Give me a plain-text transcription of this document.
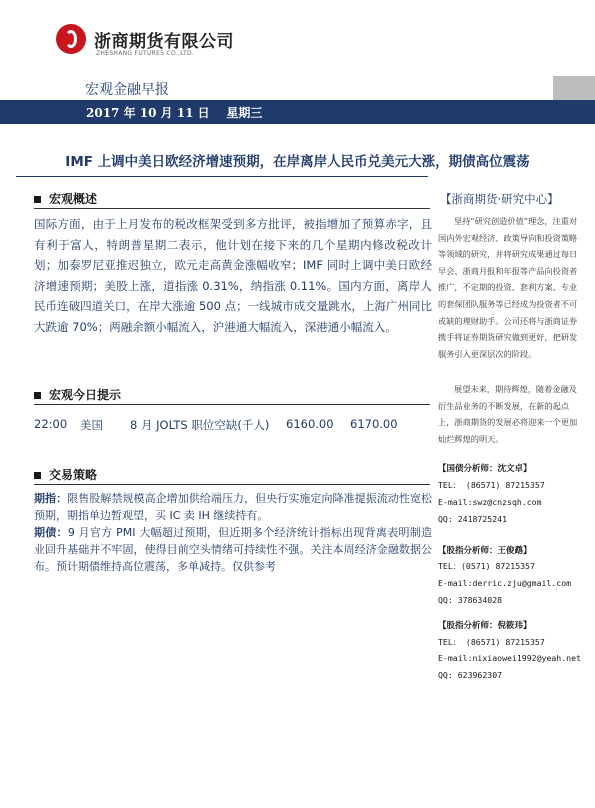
浙商期货有限公司
ZHESHANG FUTURES CO.,LTD.
宏观金融早报
2017 年 10 月 11 日    星期三
IMF 上调中美日欧经济增速预期，在岸离岸人民币兑美元大涨，期债高位震荡
宏观概述
国际方面，由于上月发布的税改框架受到多方批评，被指增加了预算赤字，且有利于富人，特朗普星期二表示，他计划在接下来的几个星期内修改税改计划；加泰罗尼亚推迟独立，欧元走高黄金涨幅收窄；IMF 同时上调中美日欧经济增速预期；美股上涨，道指涨 0.31%，纳指涨 0.11%。国内方面，离岸人民币连破四道关口，在岸大涨逾 500 点；一线城市成交量跳水，上海广州同比大跌逾 70%；两融余额小幅流入，沪港通大幅流入，深港通小幅流入。
宏观今日提示
22:00 美国 8 月 JOLTS 职位空缺(千人) 6160.00 6170.00
交易策略
期指：限售股解禁规模高企增加供给端压力，但央行实施定向降准提振流动性宽松预期，期指单边暂观望，买 IC 卖 IH 继续持有。
期债：9 月官方 PMI 大幅超过预期，但近期多个经济统计指标出现背离表明制造业回升基础并不牢固，使得目前空头情绪可持续性不强。关注本周经济金融数据公布。预计期债维持高位震荡，多单减持。仅供参考
【浙商期货·研究中心】
坚持“研究创造价值”理念，注重对国内外宏观经济、政策导向和投资策略等领域的研究，并将研究成果通过每日早会、浙商月报和年报等产品向投资者推广，不定期的投资、套利方案、专业的套保团队服务等已经成为投资者不可或缺的理财助手。公司还将与浙商证券携手将证券期货研究做到更好，把研发服务引入更深层次的阶段。
展望未来，期待辉煌，随着金融及衍生品业务的不断发展，在新的起点上，浙商期货的发展必将迎来一个更加灿烂辉煌的明天。
【国债分析师：沈文卓】
TEL： (86571) 87215357
E-mail:swz@cnzsqh.com
QQ: 2418725241
【股指分析师：王俊鹉】
TEL：(0571) 87215357
E-mail:derric.zju@gmail.com
QQ: 378634028
【股指分析师：倪筱玮】
TEL： (86571) 87215357
E-mail:nixiaowei1992@yeah.net
QQ: 623962307
